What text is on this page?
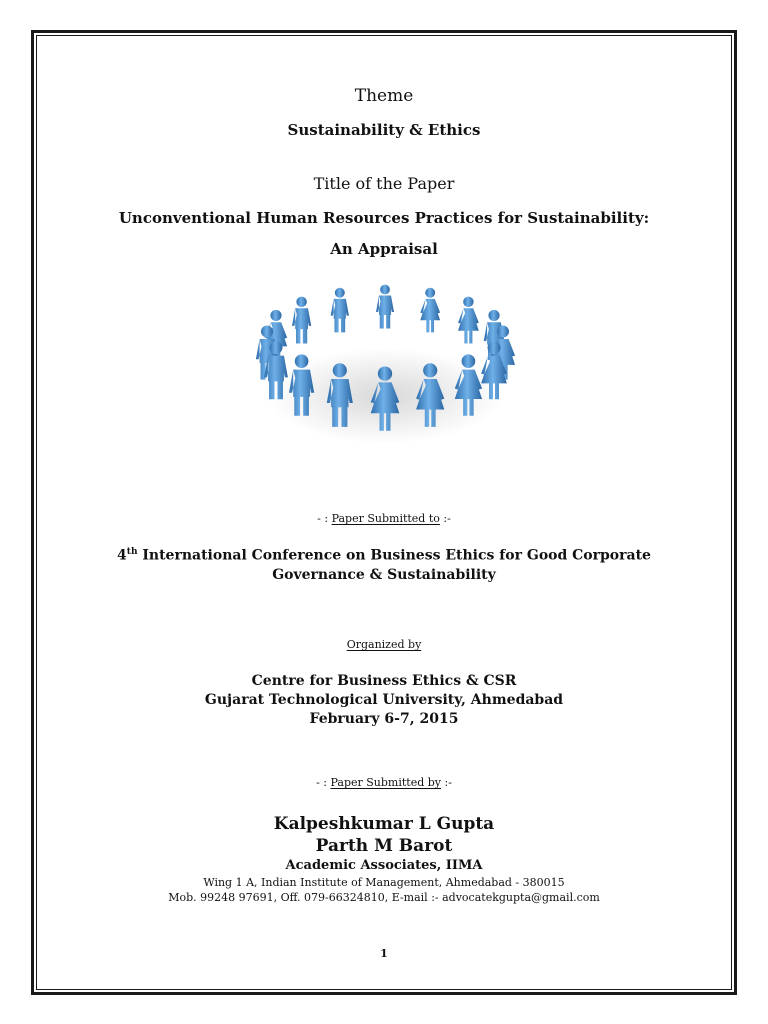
Theme
Sustainability & Ethics
Title of the Paper
Unconventional Human Resources Practices for Sustainability:
An Appraisal
- : Paper Submitted to :-
4th International Conference on Business Ethics for Good Corporate
Governance & Sustainability
Organized by
Centre for Business Ethics & CSR
Gujarat Technological University, Ahmedabad
February 6-7, 2015
- : Paper Submitted by :-
Kalpeshkumar L Gupta
Parth M Barot
Academic Associates, IIMA
Wing 1 A, Indian Institute of Management, Ahmedabad - 380015
Mob. 99248 97691, Off. 079-66324810, E-mail :- advocatekgupta@gmail.com
1
